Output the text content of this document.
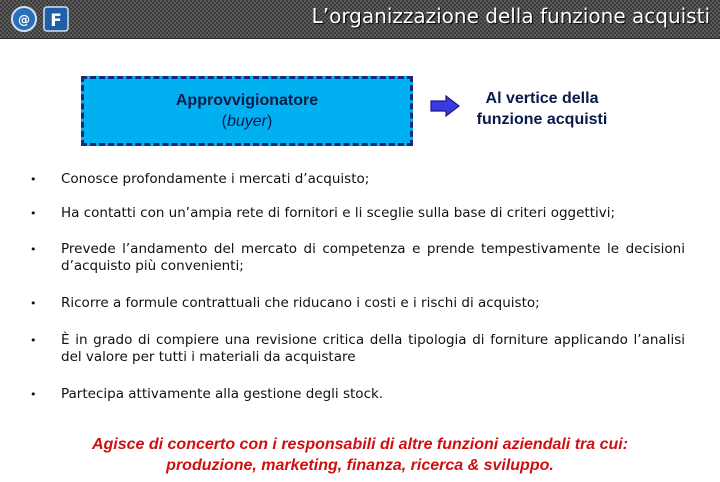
@ F	L’organizzazione della funzione acquisti
Approvvigionatore
(buyer)
Al vertice della
funzione acquisti
• Conosce profondamente i mercati d’acquisto;
• Ha contatti con un’ampia rete di fornitori e li sceglie sulla base di criteri oggettivi;
• Prevede l’andamento del mercato di competenza e prende tempestivamente le decisioni d’acquisto più convenienti;
• Ricorre a formule contrattuali che riducano i costi e i rischi di acquisto;
• È in grado di compiere una revisione critica della tipologia di forniture applicando l’analisi del valore per tutti i materiali da acquistare
• Partecipa attivamente alla gestione degli stock.
Agisce di concerto con i responsabili di altre funzioni aziendali tra cui:
produzione, marketing, finanza, ricerca & sviluppo.
